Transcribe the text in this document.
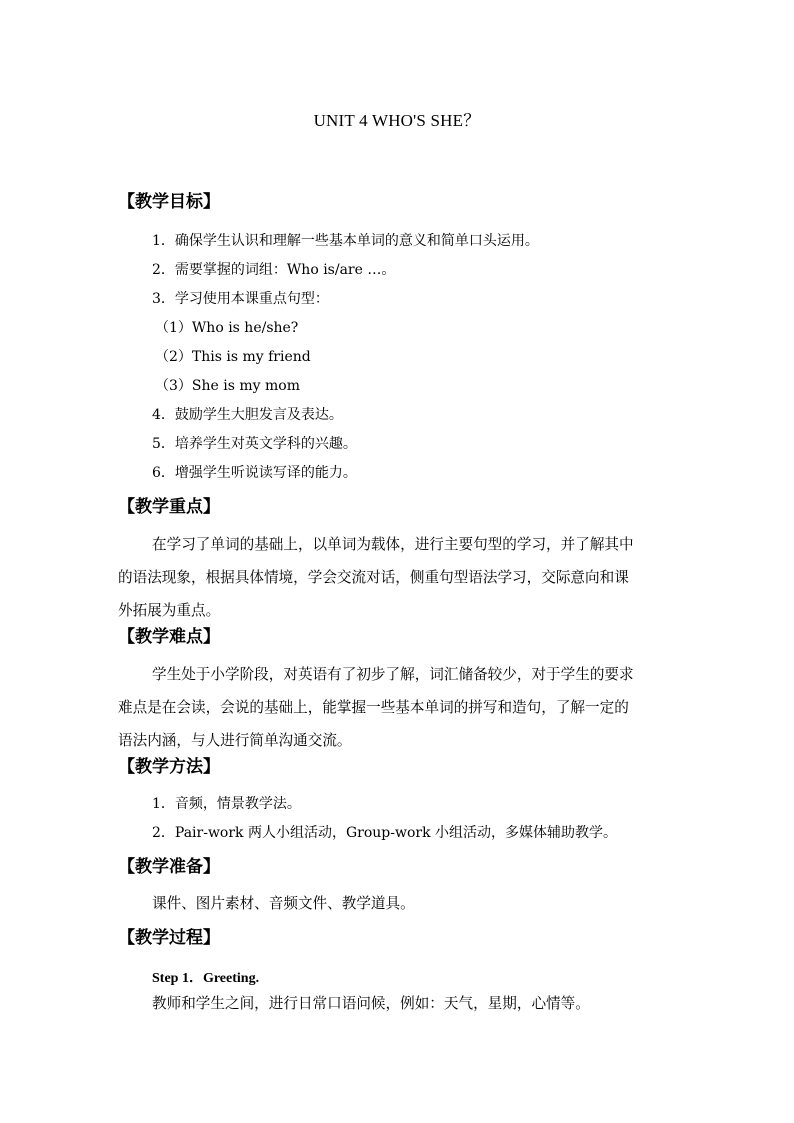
UNIT 4 WHO'S SHE？
【教学目标】
1．确保学生认识和理解一些基本单词的意义和简单口头运用。
2．需要掌握的词组：Who is/are …。
3．学习使用本课重点句型：
（1）Who is he/she?
（2）This is my friend
（3）She is my mom
4．鼓励学生大胆发言及表达。
5．培养学生对英文学科的兴趣。
6．增强学生听说读写译的能力。
【教学重点】
在学习了单词的基础上，以单词为载体，进行主要句型的学习，并了解其中
的语法现象，根据具体情境，学会交流对话，侧重句型语法学习，交际意向和课
外拓展为重点。
【教学难点】
学生处于小学阶段，对英语有了初步了解，词汇储备较少，对于学生的要求
难点是在会读，会说的基础上，能掌握一些基本单词的拼写和造句，了解一定的
语法内涵，与人进行简单沟通交流。
【教学方法】
1．音频，情景教学法。
2．Pair-work 两人小组活动，Group-work 小组活动，多媒体辅助教学。
【教学准备】
课件、图片素材、音频文件、教学道具。
【教学过程】
Step 1．Greeting.
教师和学生之间，进行日常口语问候，例如：天气，星期，心情等。
